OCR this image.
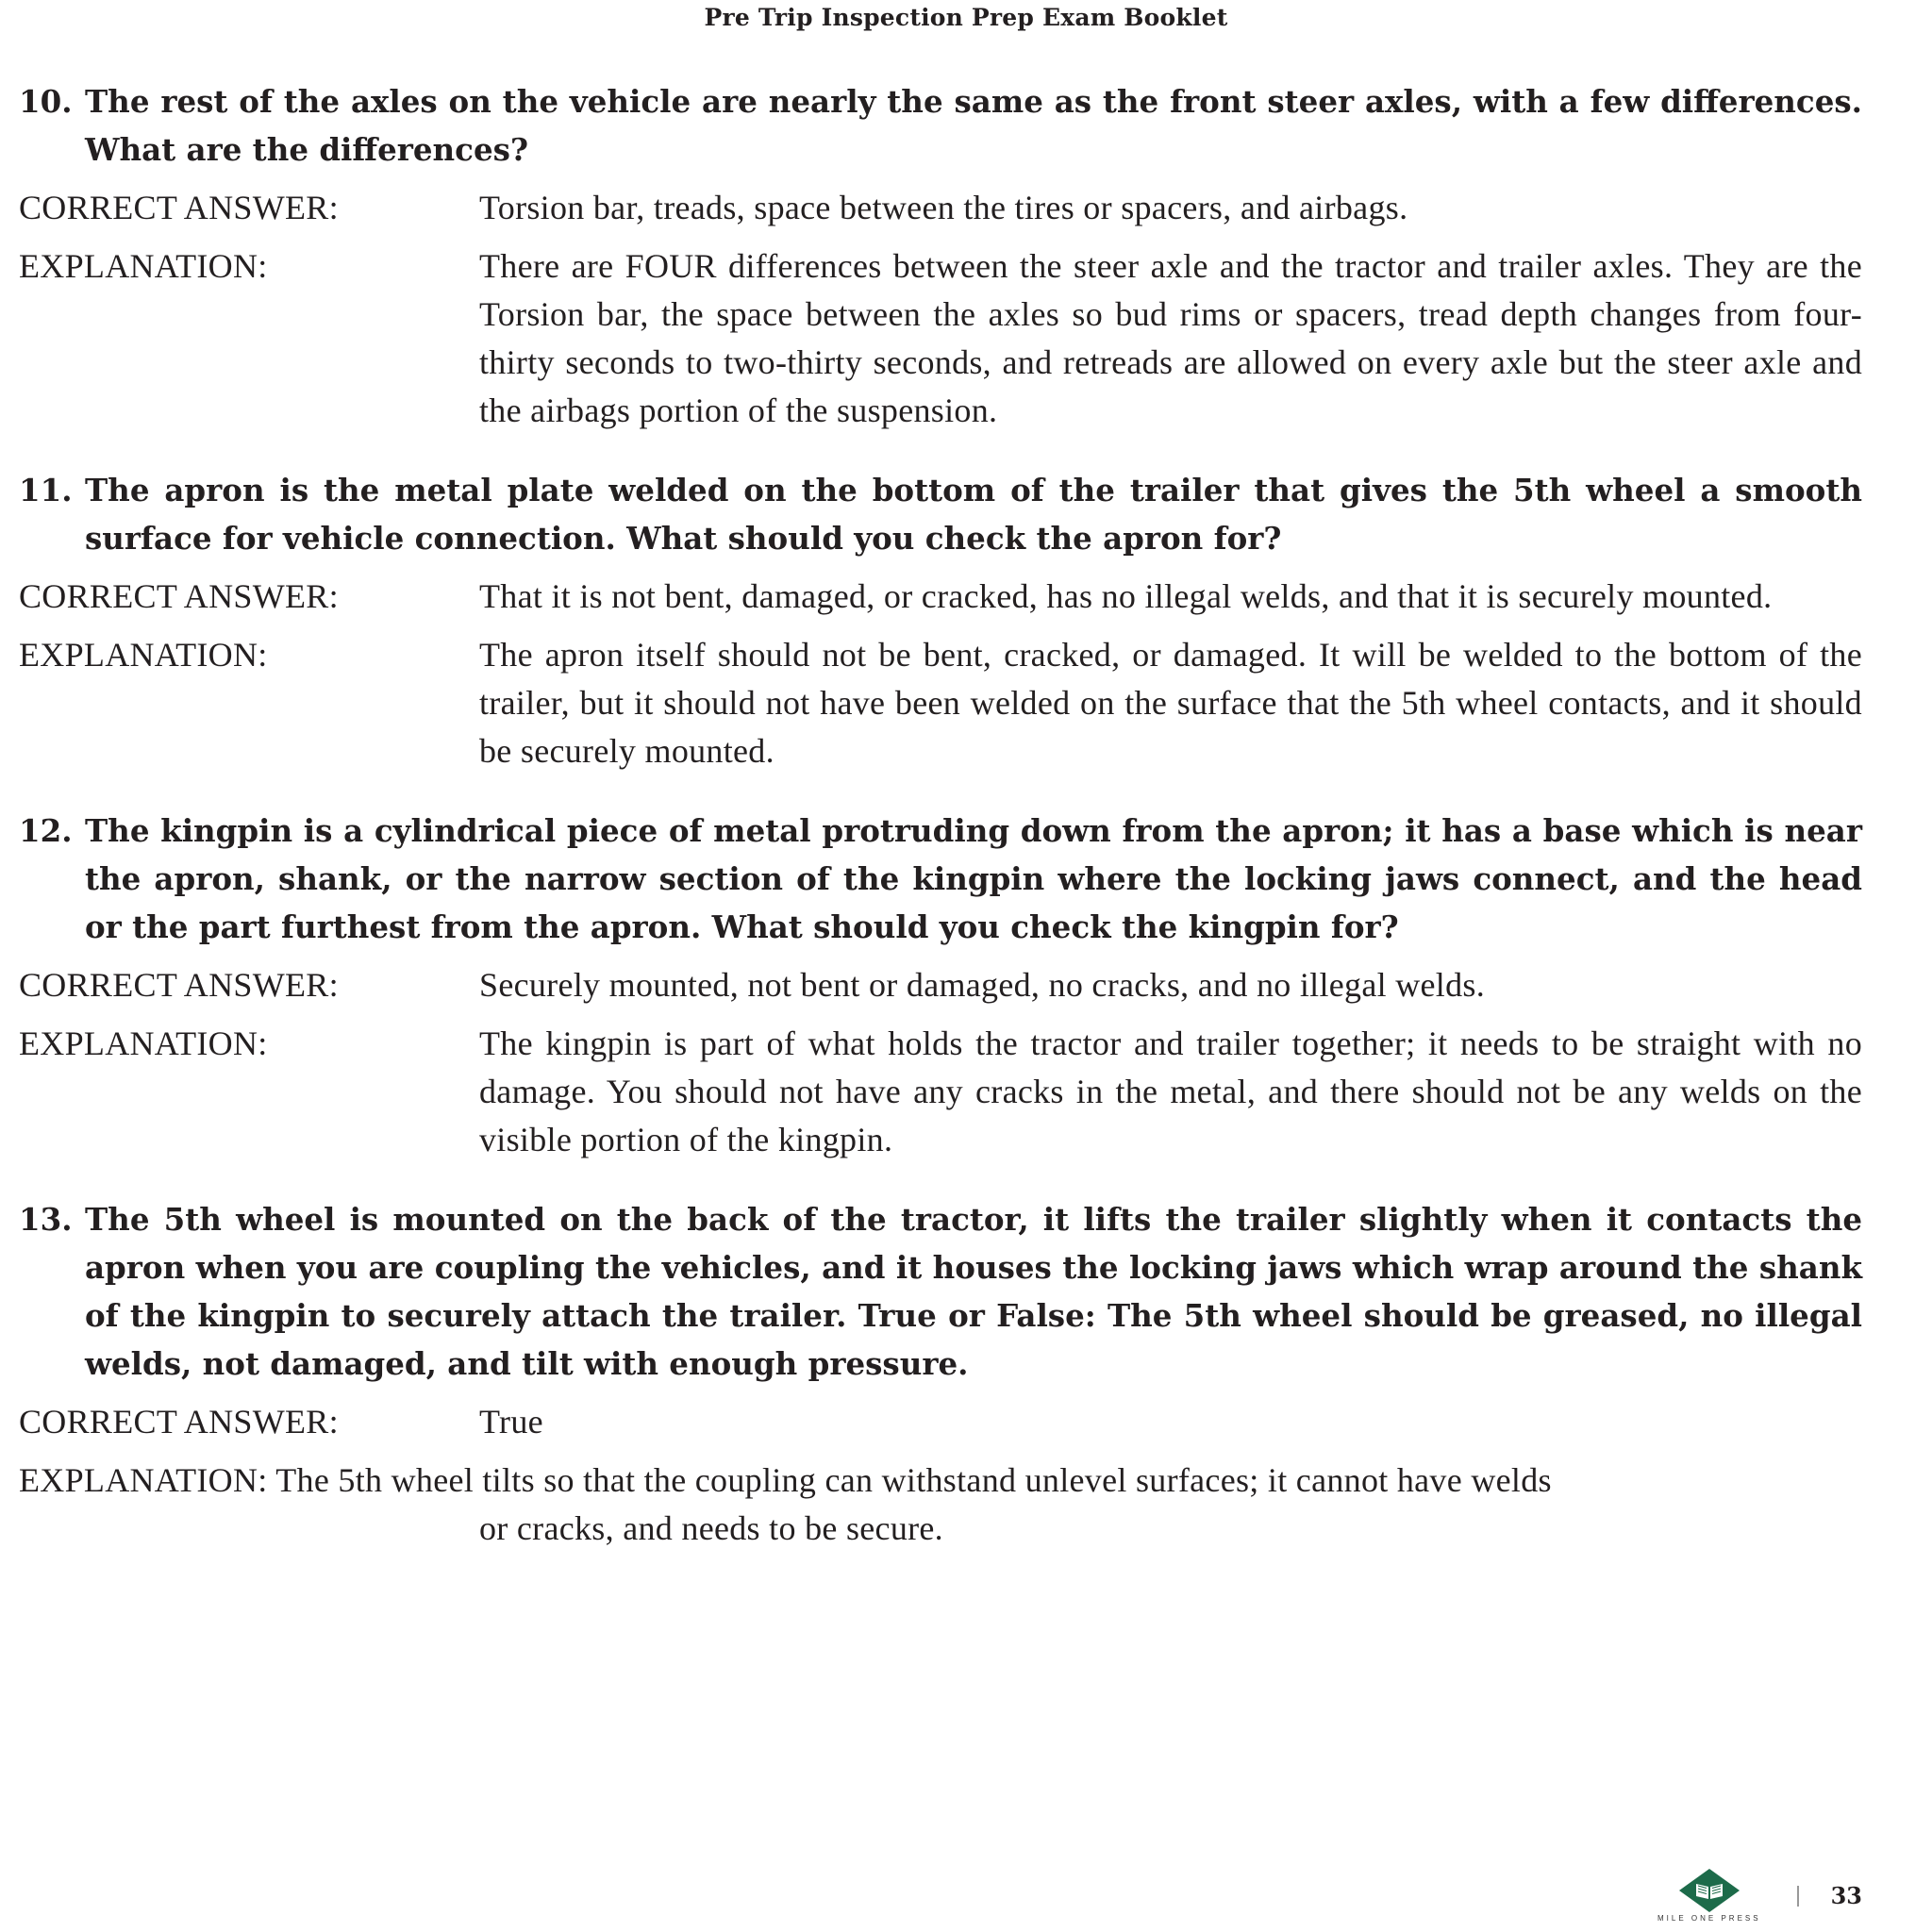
Pre Trip Inspection Prep Exam Booklet
10. The rest of the axles on the vehicle are nearly the same as the front steer axles, with a few differences. What are the differences?
CORRECT ANSWER:	Torsion bar, treads, space between the tires or spacers, and airbags.
EXPLANATION:	There are FOUR differences between the steer axle and the tractor and trailer axles. They are the Torsion bar, the space between the axles so bud rims or spacers, tread depth changes from four-thirty seconds to two-thirty seconds, and retreads are allowed on every axle but the steer axle and the airbags portion of the suspension.
11. The apron is the metal plate welded on the bottom of the trailer that gives the 5th wheel a smooth surface for vehicle connection. What should you check the apron for?
CORRECT ANSWER:	That it is not bent, damaged, or cracked, has no illegal welds, and that it is securely mounted.
EXPLANATION:	The apron itself should not be bent, cracked, or damaged. It will be welded to the bottom of the trailer, but it should not have been welded on the surface that the 5th wheel contacts, and it should be securely mounted.
12. The kingpin is a cylindrical piece of metal protruding down from the apron; it has a base which is near the apron, shank, or the narrow section of the kingpin where the locking jaws connect, and the head or the part furthest from the apron. What should you check the kingpin for?
CORRECT ANSWER:	Securely mounted, not bent or damaged, no cracks, and no illegal welds.
EXPLANATION:	The kingpin is part of what holds the tractor and trailer together; it needs to be straight with no damage. You should not have any cracks in the metal, and there should not be any welds on the visible portion of the kingpin.
13. The 5th wheel is mounted on the back of the tractor, it lifts the trailer slightly when it contacts the apron when you are coupling the vehicles, and it houses the locking jaws which wrap around the shank of the kingpin to securely attach the trailer. True or False: The 5th wheel should be greased, no illegal welds, not damaged, and tilt with enough pressure.
CORRECT ANSWER:	True
EXPLANATION: The 5th wheel tilts so that the coupling can withstand unlevel surfaces; it cannot have welds
or cracks, and needs to be secure.
MILE ONE PRESS
33
